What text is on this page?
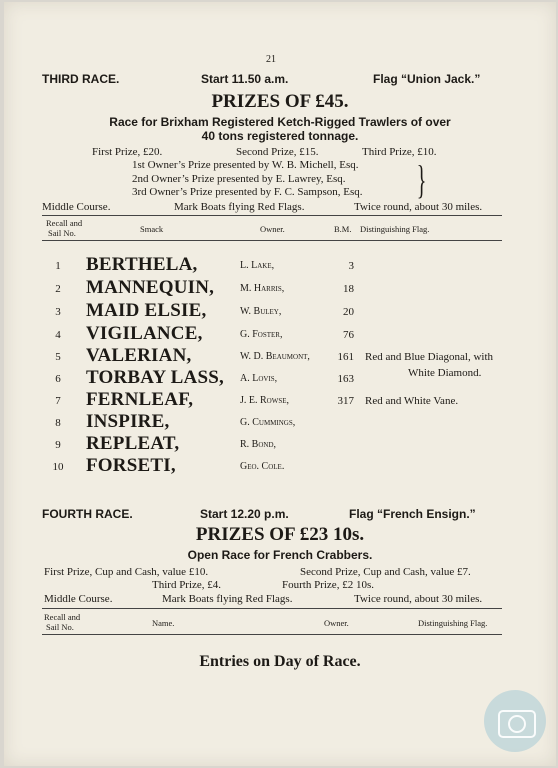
21
THIRD RACE.	Start 11.50 a.m.	Flag “Union Jack.”
PRIZES OF £45.
Race for Brixham Registered Ketch-Rigged Trawlers of over
40 tons registered tonnage.
First Prize, £20.	Second Prize, £15.	Third Prize, £10.
1st Owner’s Prize presented by W. B. Michell, Esq.
2nd Owner’s Prize presented by E. Lawrey, Esq.
3rd Owner’s Prize presented by F. C. Sampson, Esq. }
Middle Course.	Mark Boats flying Red Flags.	Twice round, about 30 miles.
Recall and
Sail No.	Smack	Owner.	B.M. Distinguishing Flag.
1	BERTHELA,	L. Lake,	3
2	MANNEQUIN,	M. Harris,	18
3	MAID ELSIE,	W. Buley,	20
4	VIGILANCE,	G. Foster,	76
5	VALERIAN,	W. D. Beaumont,	161 Red and Blue Diagonal, with
6	TORBAY LASS, A. Lovis,	163	White Diamond.
7	FERNLEAF,	J. E. Rowse,	317 Red and White Vane.
8	INSPIRE,	G. Cummings,
9	REPLEAT,	R. Bond,
10 FORSETI,	Geo. Cole.
FOURTH RACE.	Start 12.20 p.m.	Flag “French Ensign.”
PRIZES OF £23 10s.
Open Race for French Crabbers.
First Prize, Cup and Cash, value £10.	Second Prize, Cup and Cash, value £7.
Third Prize, £4.	Fourth Prize, £2 10s.
Middle Course.	Mark Boats flying Red Flags.	Twice round, about 30 miles.
Recall and
Sail No.	Name.	Owner.	Distinguishing Flag.
Entries on Day of Race.
